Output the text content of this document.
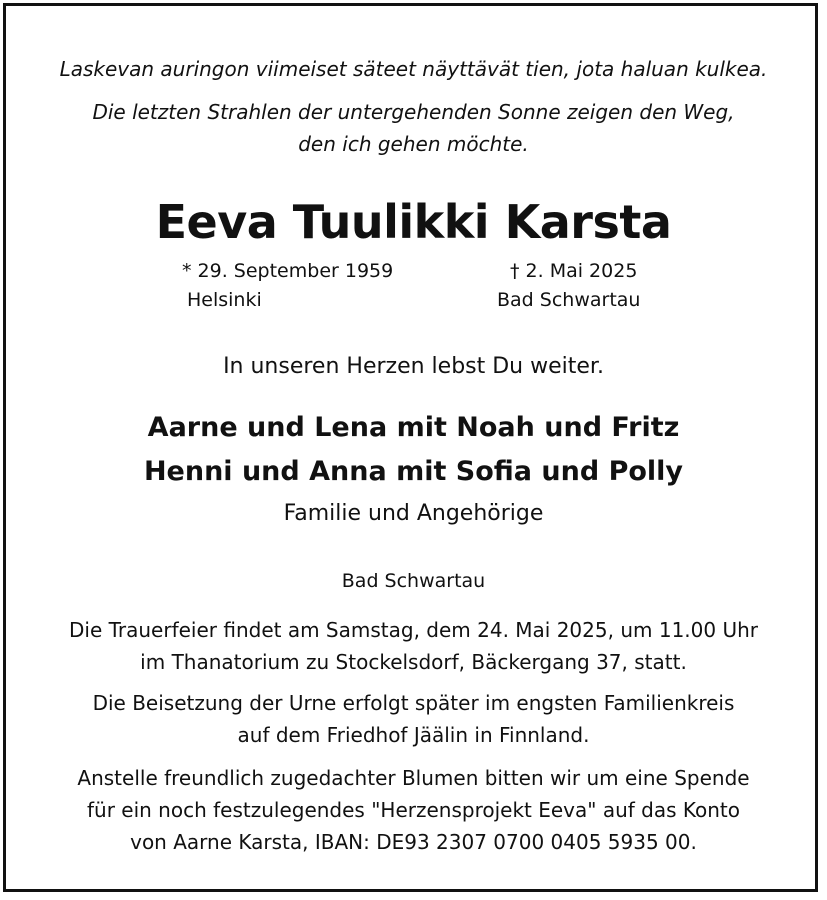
Laskevan auringon viimeiset säteet näyttävät tien, jota haluan kulkea.
Die letzten Strahlen der untergehenden Sonne zeigen den Weg,
den ich gehen möchte.
Eeva Tuulikki Karsta
* 29. September 1959
Helsinki
† 2. Mai 2025
Bad Schwartau
In unseren Herzen lebst Du weiter.
Aarne und Lena mit Noah und Fritz
Henni und Anna mit Sofia und Polly
Familie und Angehörige
Bad Schwartau
Die Trauerfeier findet am Samstag, dem 24. Mai 2025, um 11.00 Uhr
im Thanatorium zu Stockelsdorf, Bäckergang 37, statt.
Die Beisetzung der Urne erfolgt später im engsten Familienkreis
auf dem Friedhof Jäälin in Finnland.
Anstelle freundlich zugedachter Blumen bitten wir um eine Spende
für ein noch festzulegendes "Herzensprojekt Eeva" auf das Konto
von Aarne Karsta, IBAN: DE93 2307 0700 0405 5935 00.
